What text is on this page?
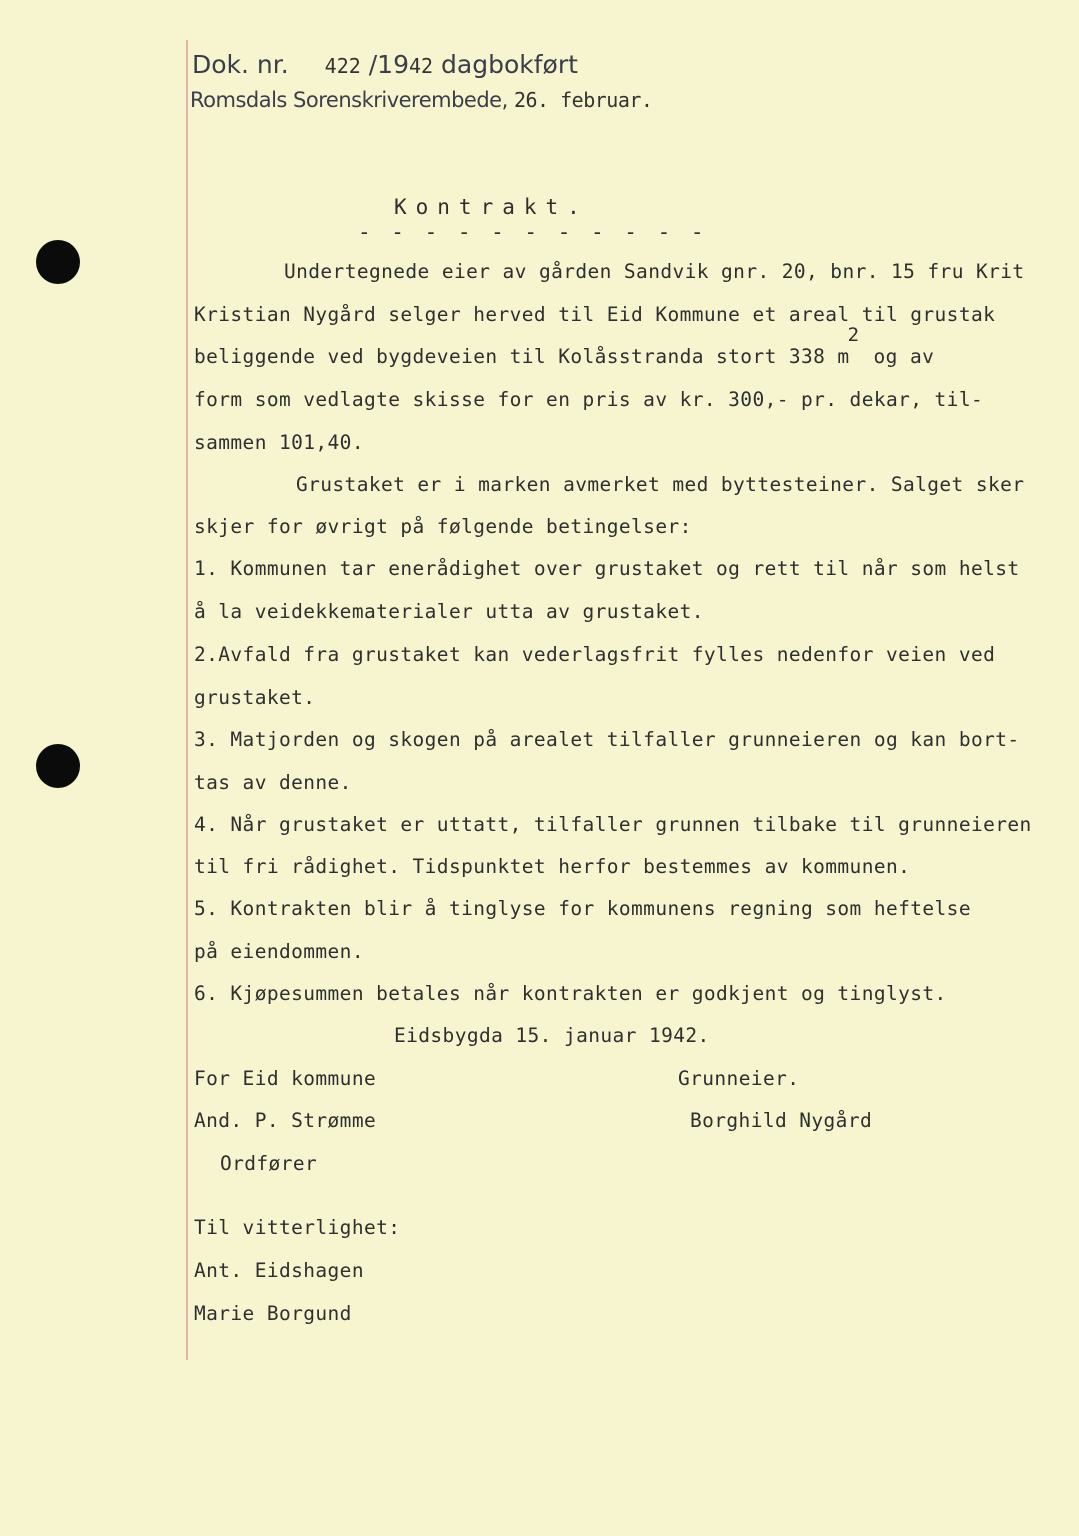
Dok. nr. 422 /1942 dagbokført
Romsdals Sorenskriverembede, 26. februar.
Kontrakt.
- - - - - - - - - - -
Undertegnede eier av gården Sandvik gnr. 20, bnr. 15 fru Krit
Kristian Nygård selger herved til Eid Kommune et areal til grustak
beliggende ved bygdeveien til Kolåsstranda stort 338 m2 og av
form som vedlagte skisse for en pris av kr. 300,- pr. dekar, til-
sammen 101,40.
Grustaket er i marken avmerket med byttesteiner. Salget sker
skjer for øvrigt på følgende betingelser:
1. Kommunen tar enerådighet over grustaket og rett til når som helst
å la veidekkematerialer utta av grustaket.
2.Avfald fra grustaket kan vederlagsfrit fylles nedenfor veien ved
grustaket.
3. Matjorden og skogen på arealet tilfaller grunneieren og kan bort-
tas av denne.
4. Når grustaket er uttatt, tilfaller grunnen tilbake til grunneieren
til fri rådighet. Tidspunktet herfor bestemmes av kommunen.
5. Kontrakten blir å tinglyse for kommunens regning som heftelse
på eiendommen.
6. Kjøpesummen betales når kontrakten er godkjent og tinglyst.
Eidsbygda 15. januar 1942.
For Eid kommune	Grunneier.
And. P. Strømme	Borghild Nygård
Ordfører
Til vitterlighet:
Ant. Eidshagen
Marie Borgund
